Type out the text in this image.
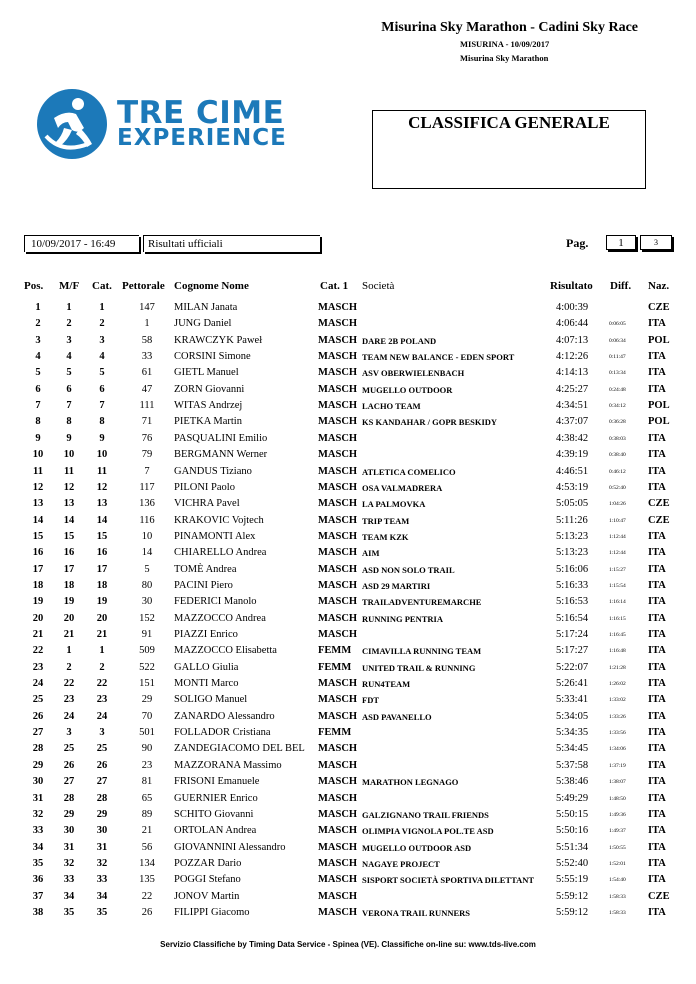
Misurina Sky Marathon - Cadini Sky Race
MISURINA - 10/09/2017
Misurina Sky Marathon
TRE CIME
EXPERIENCE
CLASSIFICA GENERALE
10/09/2017 - 16:49	Risultati ufficiali	Pag.	1	3
Pos. M/F Cat. Pettorale Cognome Nome	Cat. 1 Società	Risultato Diff. Naz.
1	1	1	147	MILAN Janata	MASCH	4:00:39	CZE
2	2	2	1	JUNG Daniel	MASCH	4:06:44	0:06:05 ITA
3	3	3	58	KRAWCZYK Paweł	MASCH DARE 2B POLAND	4:07:13	0:06:34 POL
4	4	4	33	CORSINI Simone	MASCH TEAM NEW BALANCE - EDEN SPORT	4:12:26	0:11:47 ITA
5	5	5	61	GIETL Manuel	MASCH ASV OBERWIELENBACH	4:14:13	0:13:34 ITA
6	6	6	47	ZORN Giovanni	MASCH MUGELLO OUTDOOR	4:25:27	0:24:48 ITA
7	7	7	111	WITAS Andrzej	MASCH LACHO TEAM	4:34:51	0:34:12 POL
8	8	8	71	PIETKA Martin	MASCH KS KANDAHAR / GOPR BESKIDY	4:37:07	0:36:28 POL
9	9	9	76	PASQUALINI Emilio	MASCH	4:38:42	0:38:03 ITA
10	10	10	79	BERGMANN Werner	MASCH	4:39:19	0:38:40 ITA
11	11	11	7	GANDUS Tiziano	MASCH ATLETICA COMELICO	4:46:51	0:46:12 ITA
12	12	12	117	PILONI Paolo	MASCH OSA VALMADRERA	4:53:19	0:52:40 ITA
13	13	13	136	VICHRA Pavel	MASCH LA PALMOVKA	5:05:05	1:04:26 CZE
14	14	14	116	KRAKOVIC Vojtech	MASCH TRIP TEAM	5:11:26	1:10:47 CZE
15	15	15	10	PINAMONTI Alex	MASCH TEAM KZK	5:13:23	1:12:44 ITA
16	16	16	14	CHIARELLO Andrea	MASCH AIM	5:13:23	1:12:44 ITA
17	17	17	5	TOMÈ Andrea	MASCH ASD NON SOLO TRAIL	5:16:06	1:15:27 ITA
18	18	18	80	PACINI Piero	MASCH ASD 29 MARTIRI	5:16:33	1:15:54 ITA
19	19	19	30	FEDERICI Manolo	MASCH TRAILADVENTUREMARCHE	5:16:53	1:16:14 ITA
20	20	20	152	MAZZOCCO Andrea	MASCH RUNNING PENTRIA	5:16:54	1:16:15 ITA
21	21	21	91	PIAZZI Enrico	MASCH	5:17:24	1:16:45 ITA
22	1	1	509	MAZZOCCO Elisabetta	FEMM CIMAVILLA RUNNING TEAM	5:17:27	1:16:48 ITA
23	2	2	522	GALLO Giulia	FEMM UNITED TRAIL & RUNNING	5:22:07	1:21:28 ITA
24	22	22	151	MONTI Marco	MASCH RUN4TEAM	5:26:41	1:26:02 ITA
25	23	23	29	SOLIGO Manuel	MASCH FDT	5:33:41	1:33:02 ITA
26	24	24	70	ZANARDO Alessandro	MASCH ASD PAVANELLO	5:34:05	1:33:26 ITA
27	3	3	501	FOLLADOR Cristiana	FEMM	5:34:35	1:33:56 ITA
28	25	25	90	ZANDEGIACOMO DEL BEL MASCH	5:34:45	1:34:06 ITA
29	26	26	23	MAZZORANA Massimo	MASCH	5:37:58	1:37:19 ITA
30	27	27	81	FRISONI Emanuele	MASCH MARATHON LEGNAGO	5:38:46	1:38:07 ITA
31	28	28	65	GUERNIER Enrico	MASCH	5:49:29	1:48:50 ITA
32	29	29	89	SCHITO Giovanni	MASCH GALZIGNANO TRAIL FRIENDS	5:50:15	1:49:36 ITA
33	30	30	21	ORTOLAN Andrea	MASCH OLIMPIA VIGNOLA POL.TE ASD	5:50:16	1:49:37 ITA
34	31	31	56	GIOVANNINI Alessandro	MASCH MUGELLO OUTDOOR ASD	5:51:34	1:50:55 ITA
35	32	32	134	POZZAR Dario	MASCH NAGAYE PROJECT	5:52:40	1:52:01 ITA
36	33	33	135	POGGI Stefano	MASCH SISPORT SOCIETÀ SPORTIVA DILETTANT 5:55:19	1:54:40 ITA
37	34	34	22	JONOV Martin	MASCH	5:59:12	1:58:33 CZE
38	35	35	26	FILIPPI Giacomo	MASCH VERONA TRAIL RUNNERS	5:59:12	1:58:33 ITA
Servizio Classifiche by Timing Data Service - Spinea (VE). Classifiche on-line su: www.tds-live.com
